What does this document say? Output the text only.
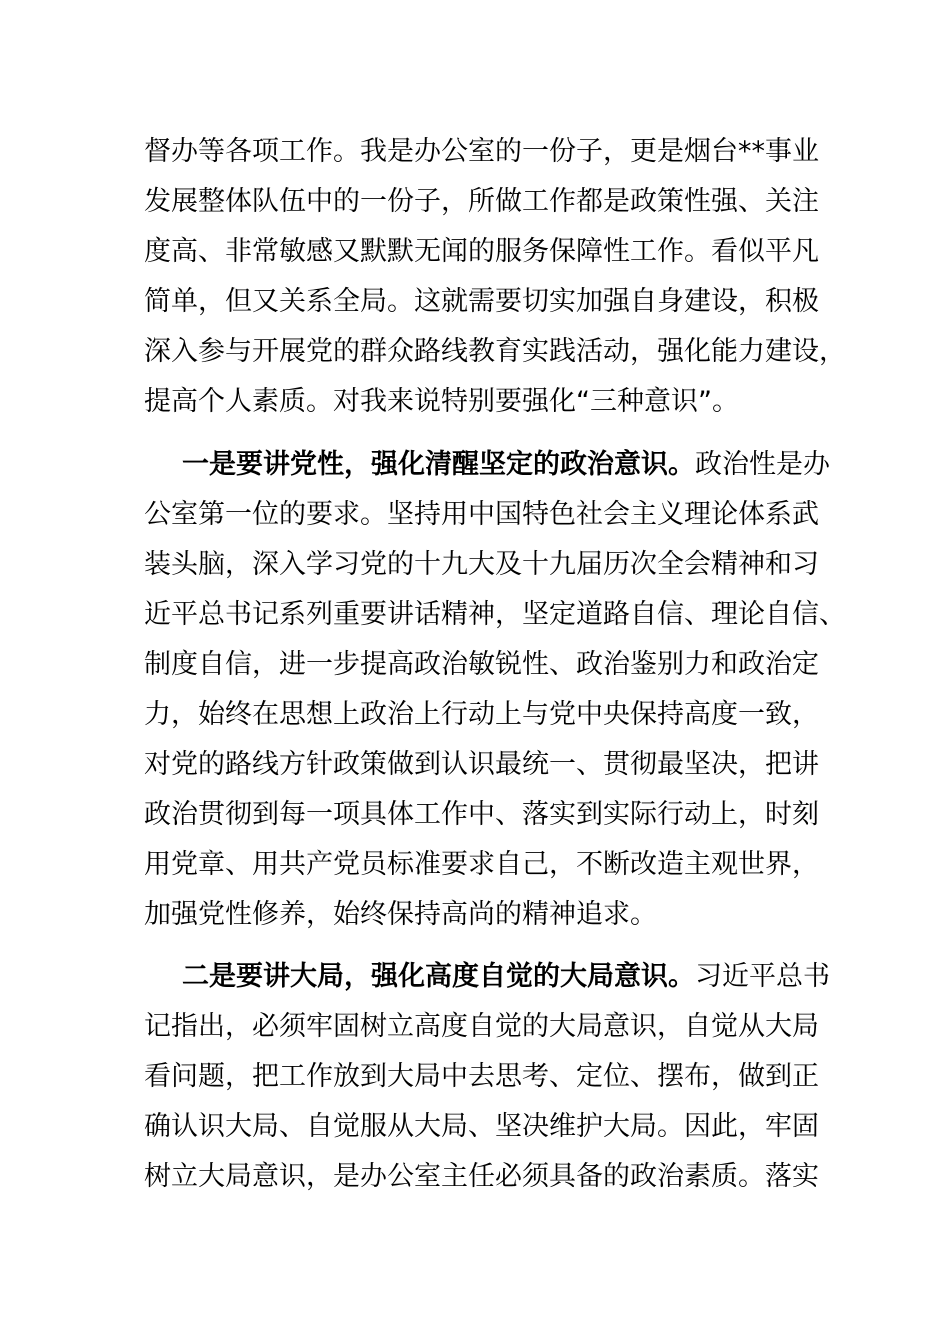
督办等各项工作。我是办公室的一份子，更是烟台**事业
发展整体队伍中的一份子，所做工作都是政策性强、关注
度高、非常敏感又默默无闻的服务保障性工作。看似平凡
简单，但又关系全局。这就需要切实加强自身建设，积极
深入参与开展党的群众路线教育实践活动，强化能力建设，
提高个人素质。对我来说特别要强化“三种意识”。
一是要讲党性，强化清醒坚定的政治意识。政治性是办
公室第一位的要求。坚持用中国特色社会主义理论体系武
装头脑，深入学习党的十九大及十九届历次全会精神和习
近平总书记系列重要讲话精神，坚定道路自信、理论自信、
制度自信，进一步提高政治敏锐性、政治鉴别力和政治定
力，始终在思想上政治上行动上与党中央保持高度一致，
对党的路线方针政策做到认识最统一、贯彻最坚决，把讲
政治贯彻到每一项具体工作中、落实到实际行动上，时刻
用党章、用共产党员标准要求自己，不断改造主观世界，
加强党性修养，始终保持高尚的精神追求。
二是要讲大局，强化高度自觉的大局意识。习近平总书
记指出，必须牢固树立高度自觉的大局意识，自觉从大局
看问题，把工作放到大局中去思考、定位、摆布，做到正
确认识大局、自觉服从大局、坚决维护大局。因此，牢固
树立大局意识，是办公室主任必须具备的政治素质。落实
